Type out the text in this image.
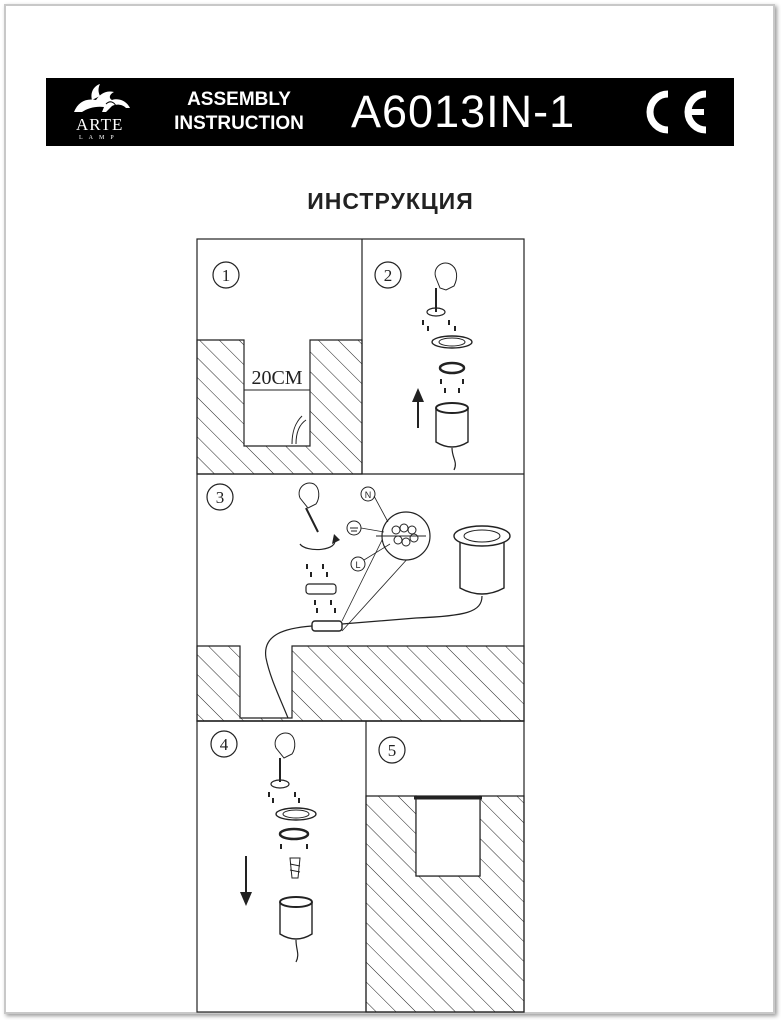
ARTE
LAMP
ASSEMBLY
INSTRUCTION A6013IN-1
ИНСТРУКЦИЯ
1
20CM
2
3	N
L
4	5
